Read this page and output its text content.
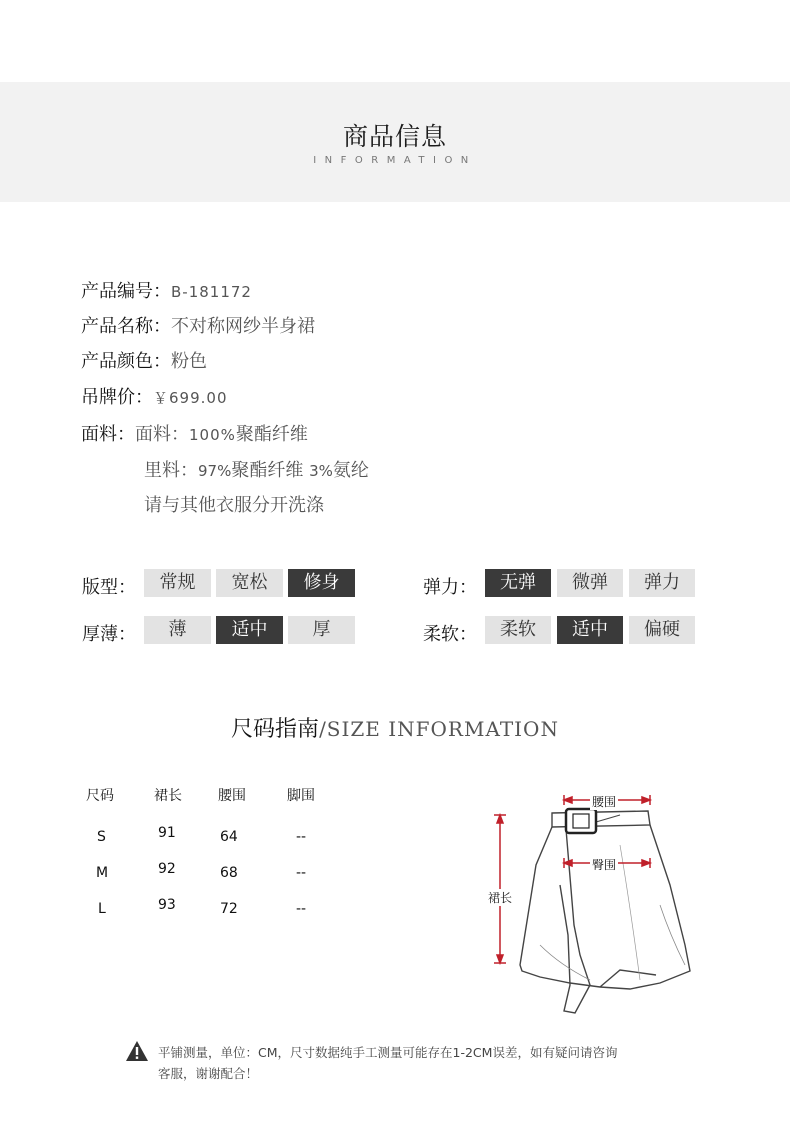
商品信息
INFORMATION
产品编号：B-181172
产品名称：不对称网纱半身裙
产品颜色：粉色
吊牌价：￥699.00
面料：面料：100%聚酯纤维
里料：97%聚酯纤维 3%氨纶
请与其他衣服分开洗涤
版型：	常规	宽松	修身	弹力：	无弹	微弹	弹力
厚薄：	薄	适中	厚	柔软：	柔软	适中	偏硬
尺码指南/SIZE INFORMATION
尺码	裙长	腰围	脚围
S	91	64	--
M	92	68	--
L	93	72	--
腰围
臀围
裙长
平铺测量，单位：CM，尺寸数据纯手工测量可能存在1-2CM误差，如有疑问请咨询
客服，谢谢配合！
